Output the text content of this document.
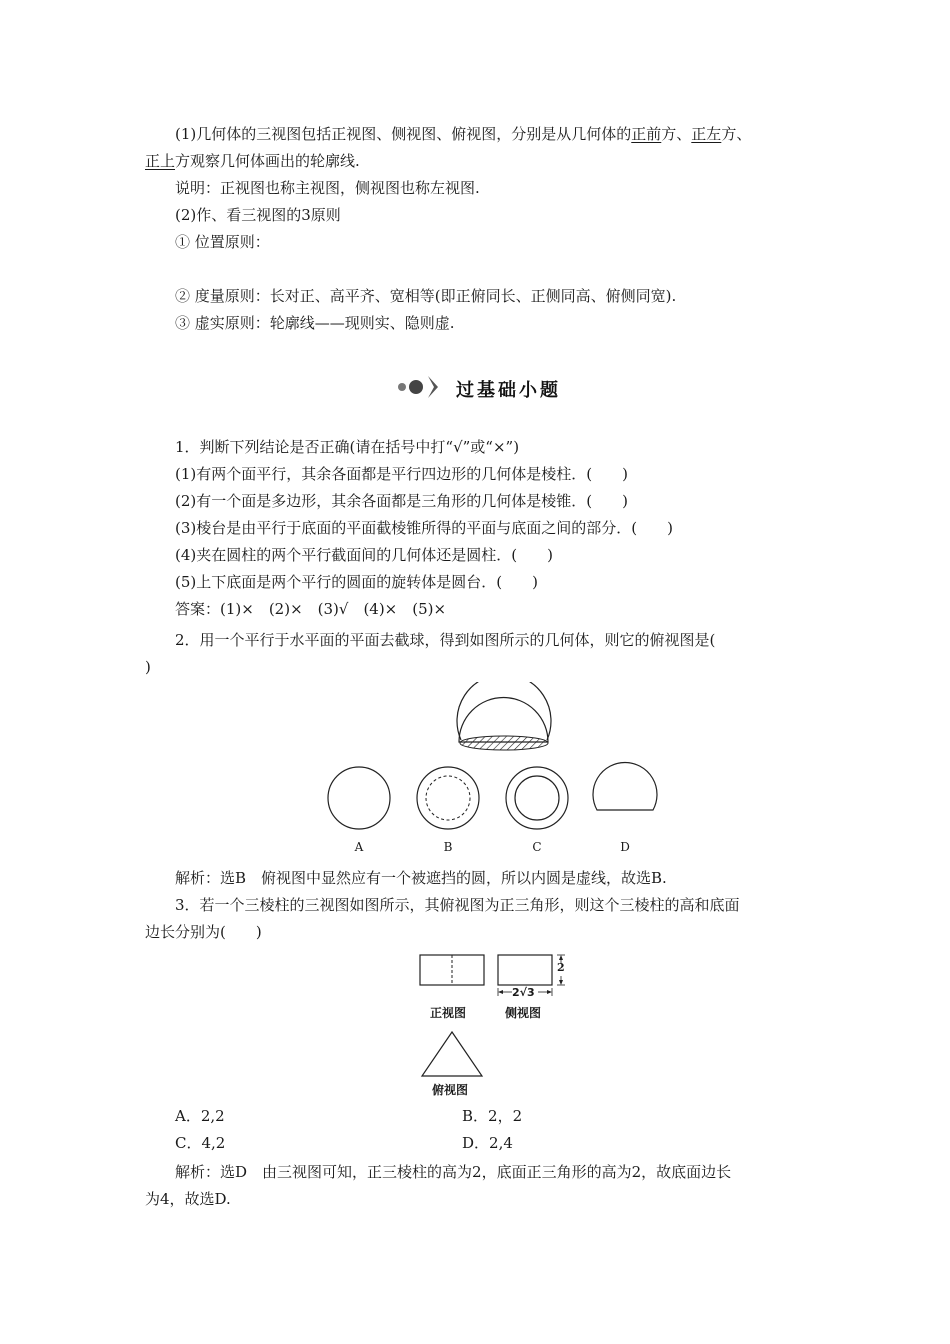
(1)几何体的三视图包括正视图、侧视图、俯视图，分别是从几何体的正前方、正左方、
正上方观察几何体画出的轮廓线.
说明：正视图也称主视图，侧视图也称左视图.
(2)作、看三视图的3原则
① 位置原则：
② 度量原则：长对正、高平齐、宽相等(即正俯同长、正侧同高、俯侧同宽).
③ 虚实原则：轮廓线——现则实、隐则虚.
过基础小题
1．判断下列结论是否正确(请在括号中打“√”或“×”)
(1)有两个面平行，其余各面都是平行四边形的几何体是棱柱．(　　)
(2)有一个面是多边形，其余各面都是三角形的几何体是棱锥．(　　)
(3)棱台是由平行于底面的平面截棱锥所得的平面与底面之间的部分．(　　)
(4)夹在圆柱的两个平行截面间的几何体还是圆柱．(　　)
(5)上下底面是两个平行的圆面的旋转体是圆台．(　　)
答案：(1)×　(2)×　(3)√　(4)×　(5)×
2．用一个平行于水平面的平面去截球，得到如图所示的几何体，则它的俯视图是(
)
A	B	C	D
解析：选B　俯视图中显然应有一个被遮挡的圆，所以内圆是虚线，故选B.
3．若一个三棱柱的三视图如图所示，其俯视图为正三角形，则这个三棱柱的高和底面
边长分别为(　　)
2
2√3
正视图	侧视图
俯视图
A．2,2	B．2，2
C．4,2	D．2,4
解析：选D　由三视图可知，正三棱柱的高为2，底面正三角形的高为2，故底面边长
为4，故选D.
